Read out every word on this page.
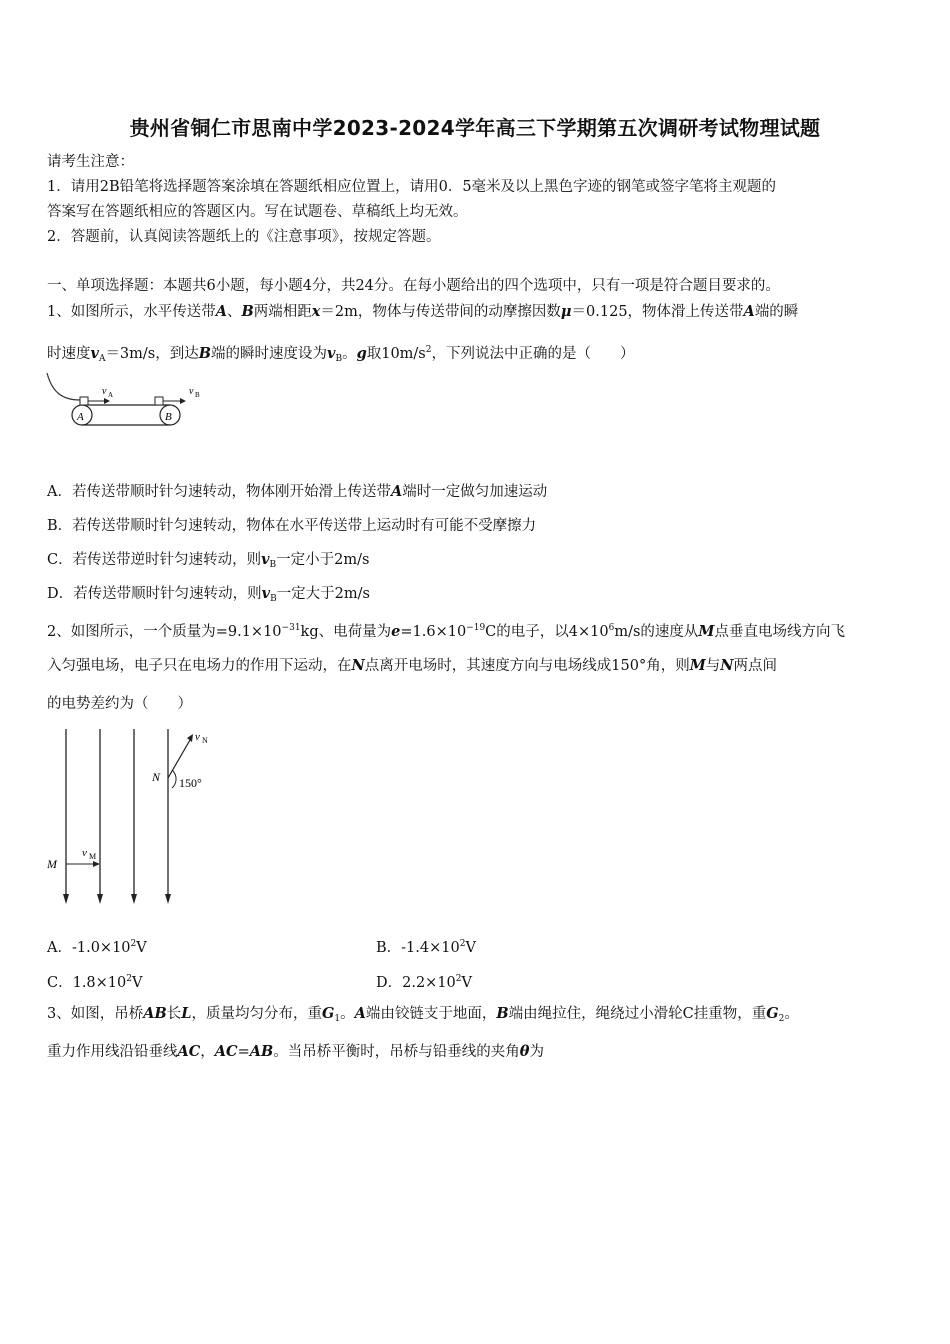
贵州省铜仁市思南中学2023-2024学年高三下学期第五次调研考试物理试题
请考生注意：
1．请用2B铅笔将选择题答案涂填在答题纸相应位置上，请用0．5毫米及以上黑色字迹的钢笔或签字笔将主观题的
答案写在答题纸相应的答题区内。写在试题卷、草稿纸上均无效。
2．答题前，认真阅读答题纸上的《注意事项》，按规定答题。
一、单项选择题：本题共6小题，每小题4分，共24分。在每小题给出的四个选项中，只有一项是符合题目要求的。
1、如图所示，水平传送带A、B两端相距x＝2m，物体与传送带间的动摩擦因数μ＝0.125，物体滑上传送带A端的瞬
时速度$v_A=3m/s$，到达B端的瞬时速度设为$v_B$。g取$10m/s^2$，下列说法中正确的是（　　）
A	B
v A	v B
A．若传送带顺时针匀速转动，物体刚开始滑上传送带A端时一定做匀加速运动
B．若传送带顺时针匀速转动，物体在水平传送带上运动时有可能不受摩擦力
C．若传送带逆时针匀速转动，则$v_B$一定小于2m/s
D．若传送带顺时针匀速转动，则$v_B$一定大于2m/s
2、如图所示，一个质量为$=9.1\times 10^{-31}kg$、电荷量为$e=1.6\times 10^{-19}C$的电子，以$4\times 10^6m/s$的速度从M点垂直电场线方向飞
入匀强电场，电子只在电场力的作用下运动，在N点离开电场时，其速度方向与电场线成150°角，则M与N两点间
的电势差约为（　　）
M
v M
v N
N 150°
A．$-1.0\times 10^2V$	B．$-1.4\times 10^2V$
C．$1.8\times 10^2V$	D．$2.2\times 10^2V$
3、如图，吊桥AB长L，质量均匀分布，重$G_1$。A端由铰链支于地面，B端由绳拉住，绳绕过小滑轮C挂重物，重$G_2$。
重力作用线沿铅垂线AC，AC=AB。当吊桥平衡时，吊桥与铅垂线的夹角θ为
